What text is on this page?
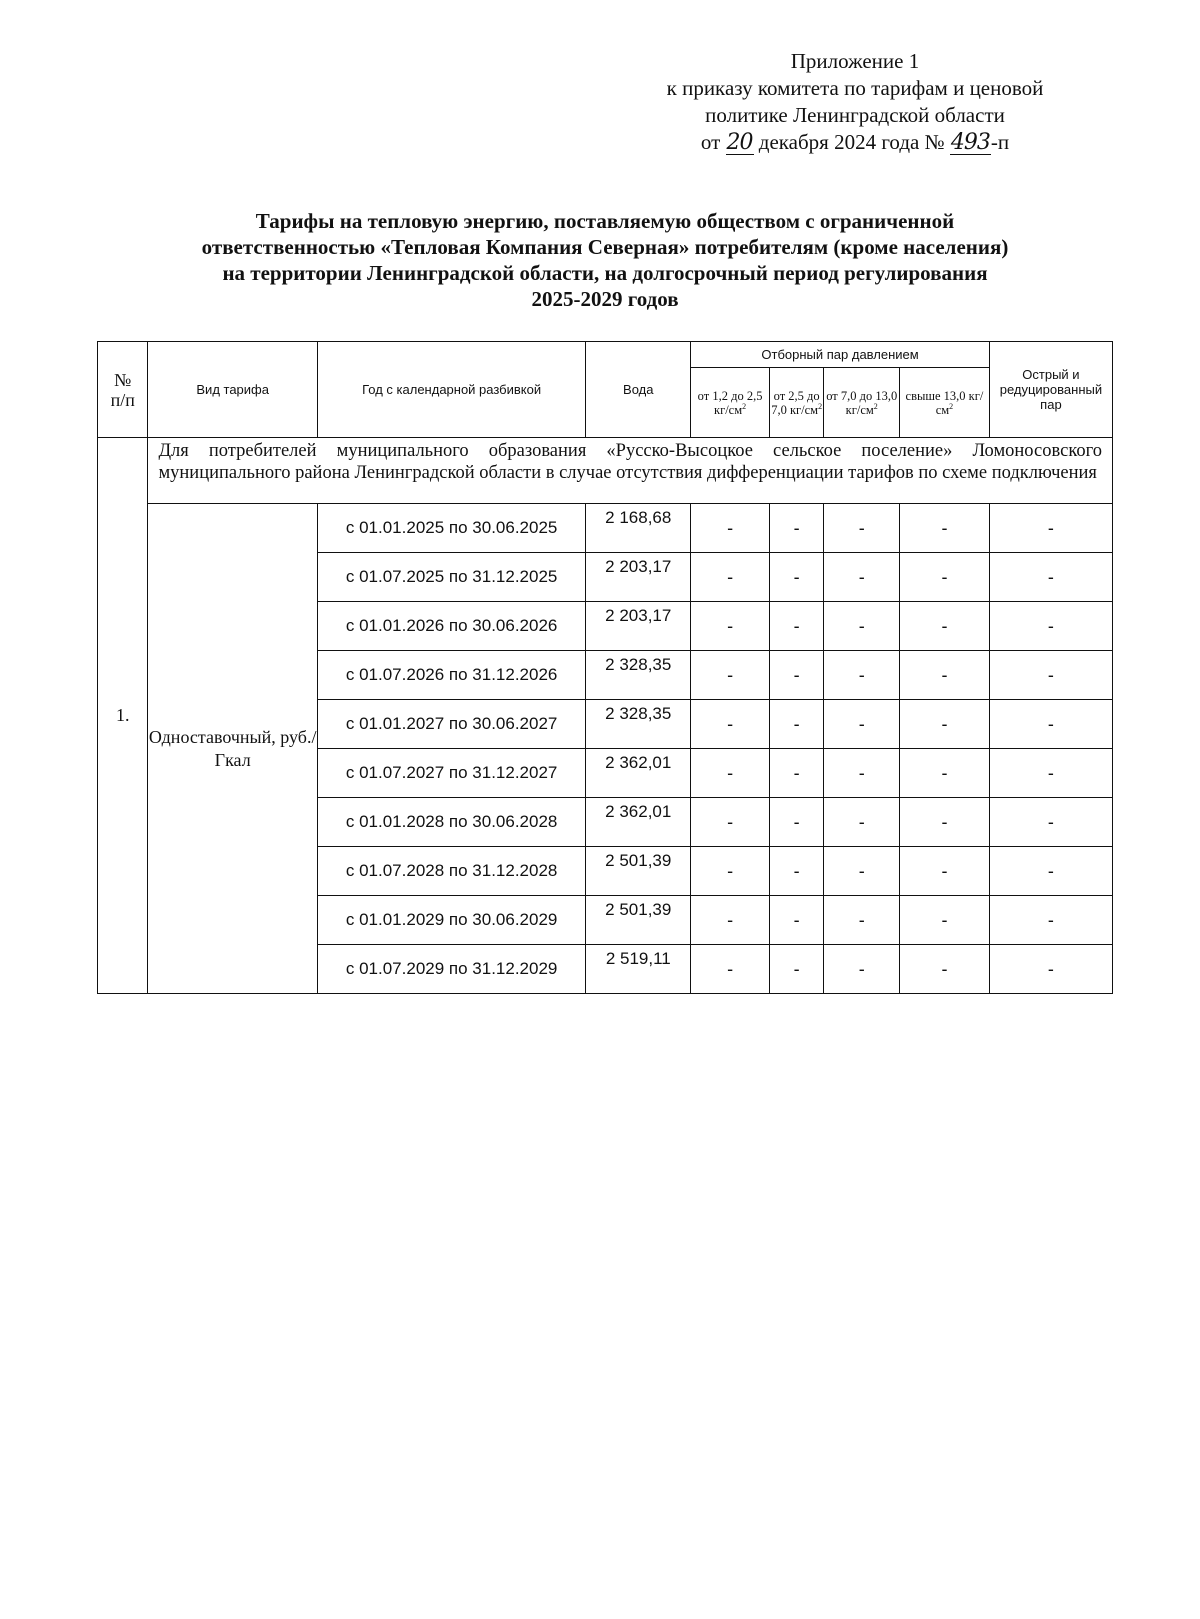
Приложение 1
к приказу комитета по тарифам и ценовой
политике Ленинградской области
от 20 декабря 2024 года № 493-п
Тарифы на тепловую энергию, поставляемую обществом с ограниченной
ответственностью «Тепловая Компания Северная» потребителям (кроме населения)
на территории Ленинградской области, на долгосрочный период регулирования
2025-2029 годов
№
п/п	Вид тарифа	Год с календарной разбивкой	Вода	Отборный пар давлением				Острый и редуцированный пар
				от 1,2 до 2,5 $кг/см^2$	от 2,5 до 7,0 $кг/см^2$	от 7,0 до 13,0 $кг/см^2$	свыше 13,0 $кг/см^2$
1.	Для потребителей муниципального образования «Русско-Высоцкое сельское поселение» Ломоносовского муниципального района Ленинградской области в случае отсутствия дифференциации тарифов по схеме подключения							
	Одноставочный, руб./Гкал	с 01.01.2025 по 30.06.2025	2 168,68	-	-	-	-	-
		с 01.07.2025 по 31.12.2025	2 203,17	-	-	-	-	-
		с 01.01.2026 по 30.06.2026	2 203,17	-	-	-	-	-
		с 01.07.2026 по 31.12.2026	2 328,35	-	-	-	-	-
		с 01.01.2027 по 30.06.2027	2 328,35	-	-	-	-	-
		с 01.07.2027 по 31.12.2027	2 362,01	-	-	-	-	-
		с 01.01.2028 по 30.06.2028	2 362,01	-	-	-	-	-
		с 01.07.2028 по 31.12.2028	2 501,39	-	-	-	-	-
		с 01.01.2029 по 30.06.2029	2 501,39	-	-	-	-	-
		с 01.07.2029 по 31.12.2029	2 519,11	-	-	-	-	-
